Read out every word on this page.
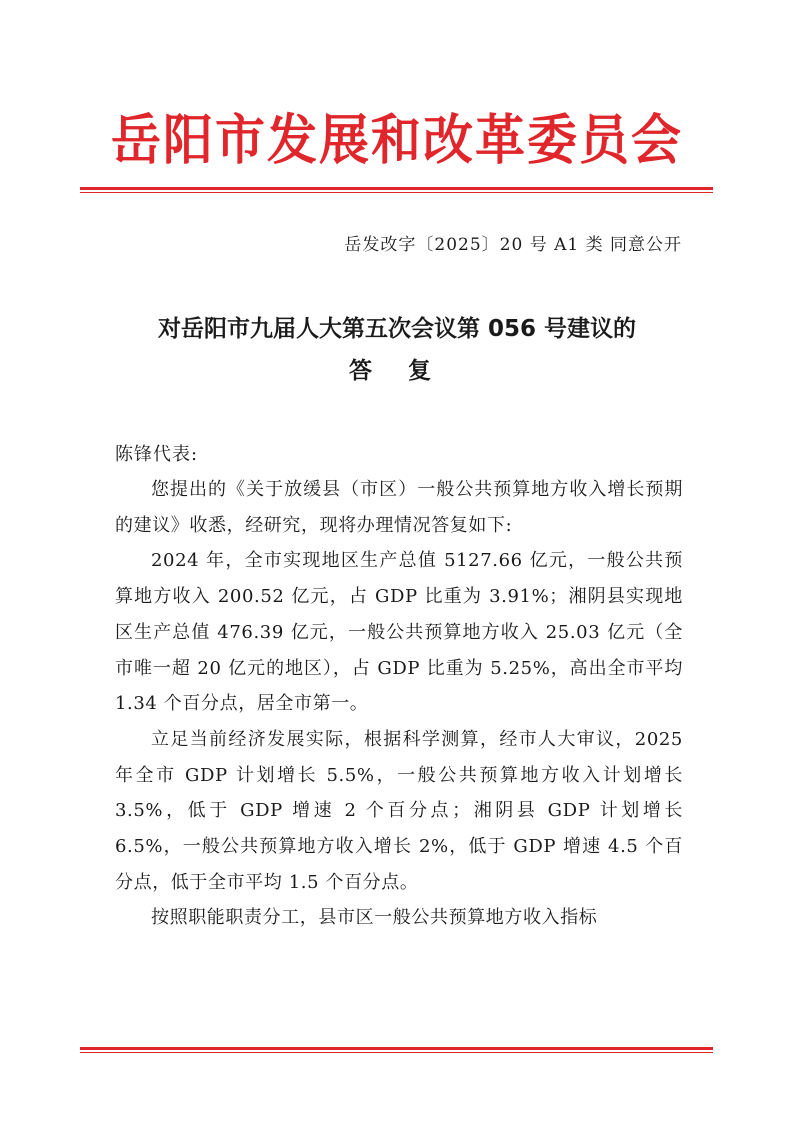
岳阳市发展和改革委员会
岳发改字〔2025〕20 号 A1 类 同意公开
对岳阳市九届人大第五次会议第 056 号建议的
答 复
陈锋代表:

您提出的《关于放缓县（市区）一般公共预算地方收入增长预期的建议》收悉，经研究，现将办理情况答复如下:

2024 年，全市实现地区生产总值 5127.66 亿元，一般公共预算地方收入 200.52 亿元，占 GDP 比重为 3.91%；湘阴县实现地区生产总值 476.39 亿元，一般公共预算地方收入 25.03 亿元（全市唯一超 20 亿元的地区），占 GDP 比重为 5.25%，高出全市平均 1.34 个百分点，居全市第一。

立足当前经济发展实际，根据科学测算，经市人大审议，2025 年全市 GDP 计划增长 5.5%，一般公共预算地方收入计划增长 3.5%，低于 GDP 增速 2 个百分点；湘阴县 GDP 计划增长 6.5%，一般公共预算地方收入增长 2%，低于 GDP 增速 4.5 个百分点，低于全市平均 1.5 个百分点。

按照职能职责分工，县市区一般公共预算地方收入指标
